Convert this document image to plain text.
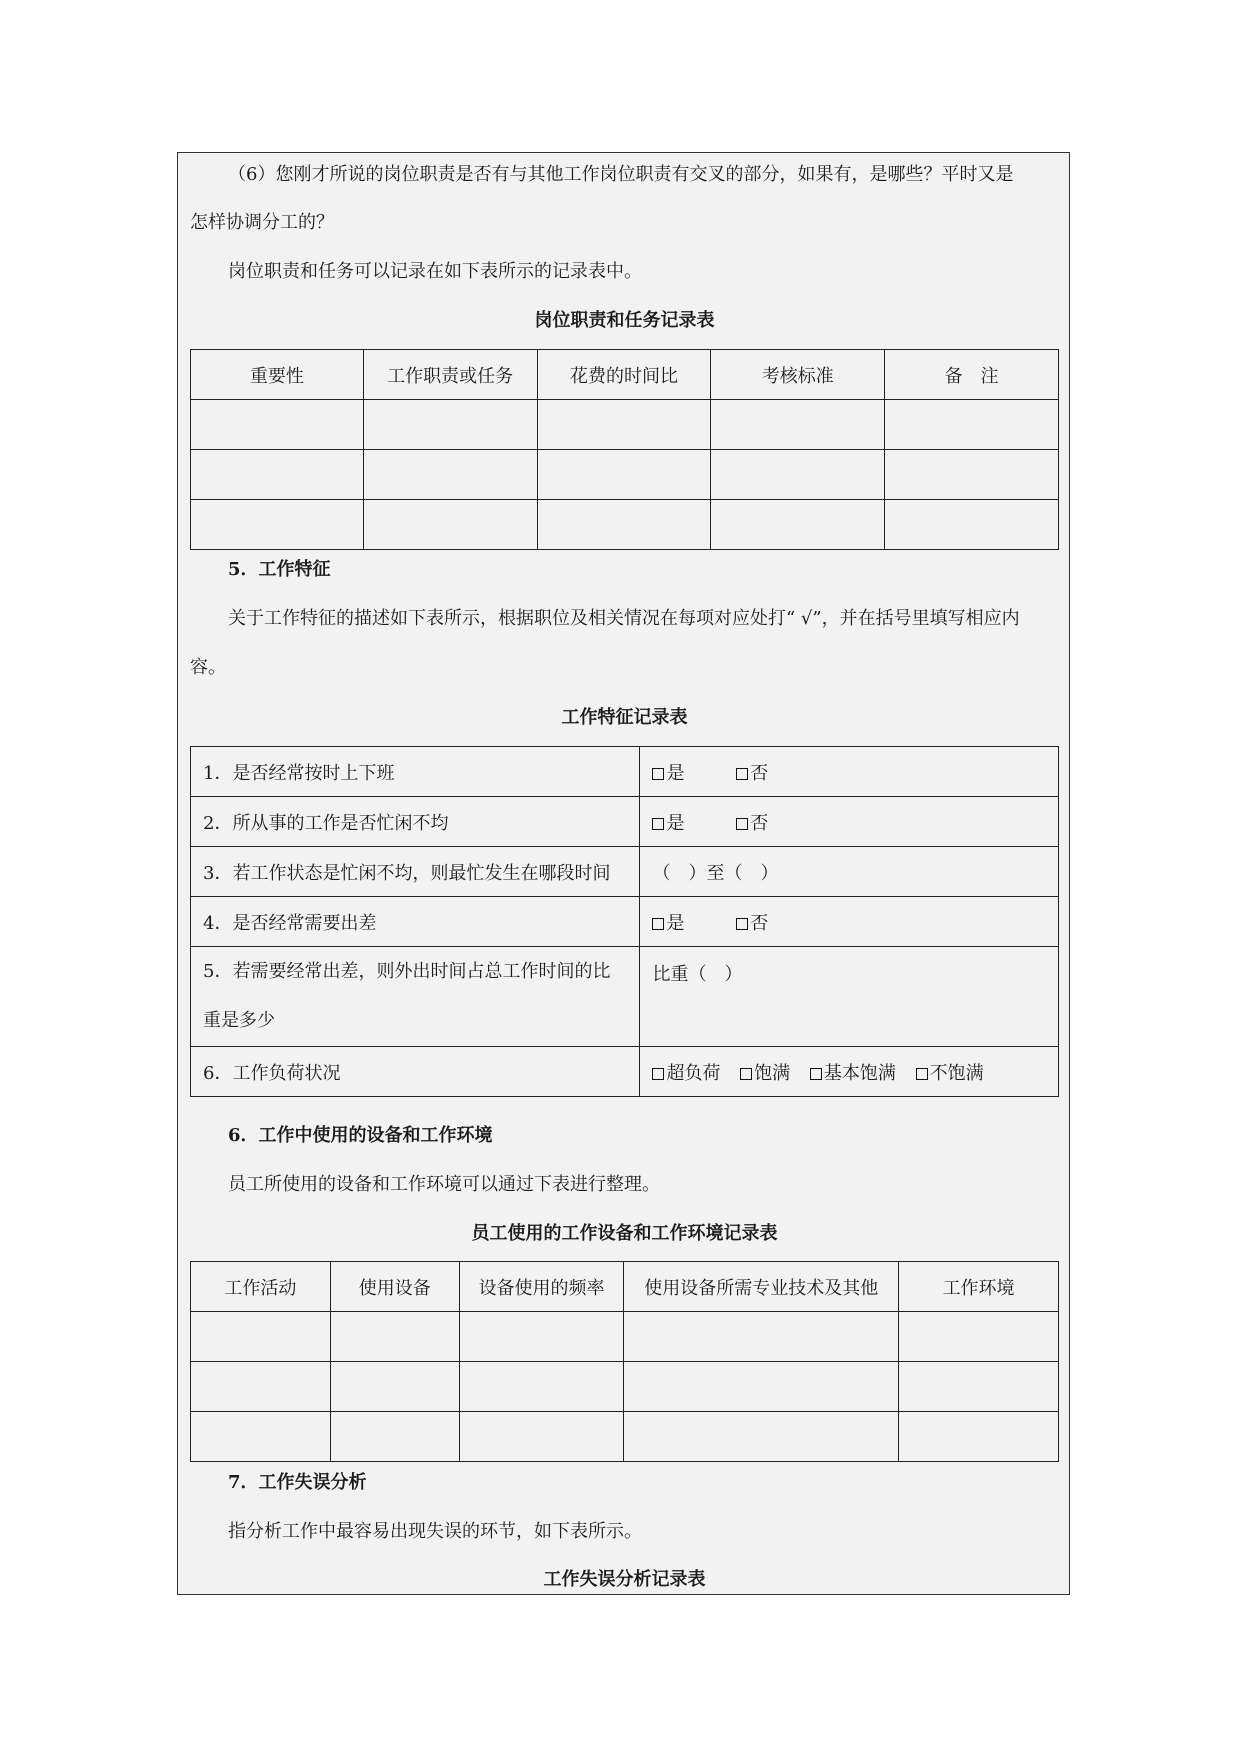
（6）您刚才所说的岗位职责是否有与其他工作岗位职责有交叉的部分，如果有，是哪些？平时又是
怎样协调分工的？
岗位职责和任务可以记录在如下表所示的记录表中。
岗位职责和任务记录表
重要性	工作职责或任务	花费的时间比	考核标准	备　注

5．工作特征
关于工作特征的描述如下表所示，根据职位及相关情况在每项对应处打“ √”，并在括号里填写相应内
容。
工作特征记录表
1．是否经常按时上下班	是 否
2．所从事的工作是否忙闲不均	是 否
3．若工作状态是忙闲不均，则最忙发生在哪段时间	（　）至（　）
4．是否经常需要出差	是 否

5．若需要经常出差，则外出时间占总工作时间的比
重是多少	比重（　）
6．工作负荷状况	超负荷 饱满 基本饱满 不饱满
6．工作中使用的设备和工作环境
员工所使用的设备和工作环境可以通过下表进行整理。
员工使用的工作设备和工作环境记录表
工作活动	使用设备	设备使用的频率	使用设备所需专业技术及其他	工作环境

7．工作失误分析
指分析工作中最容易出现失误的环节，如下表所示。
工作失误分析记录表
